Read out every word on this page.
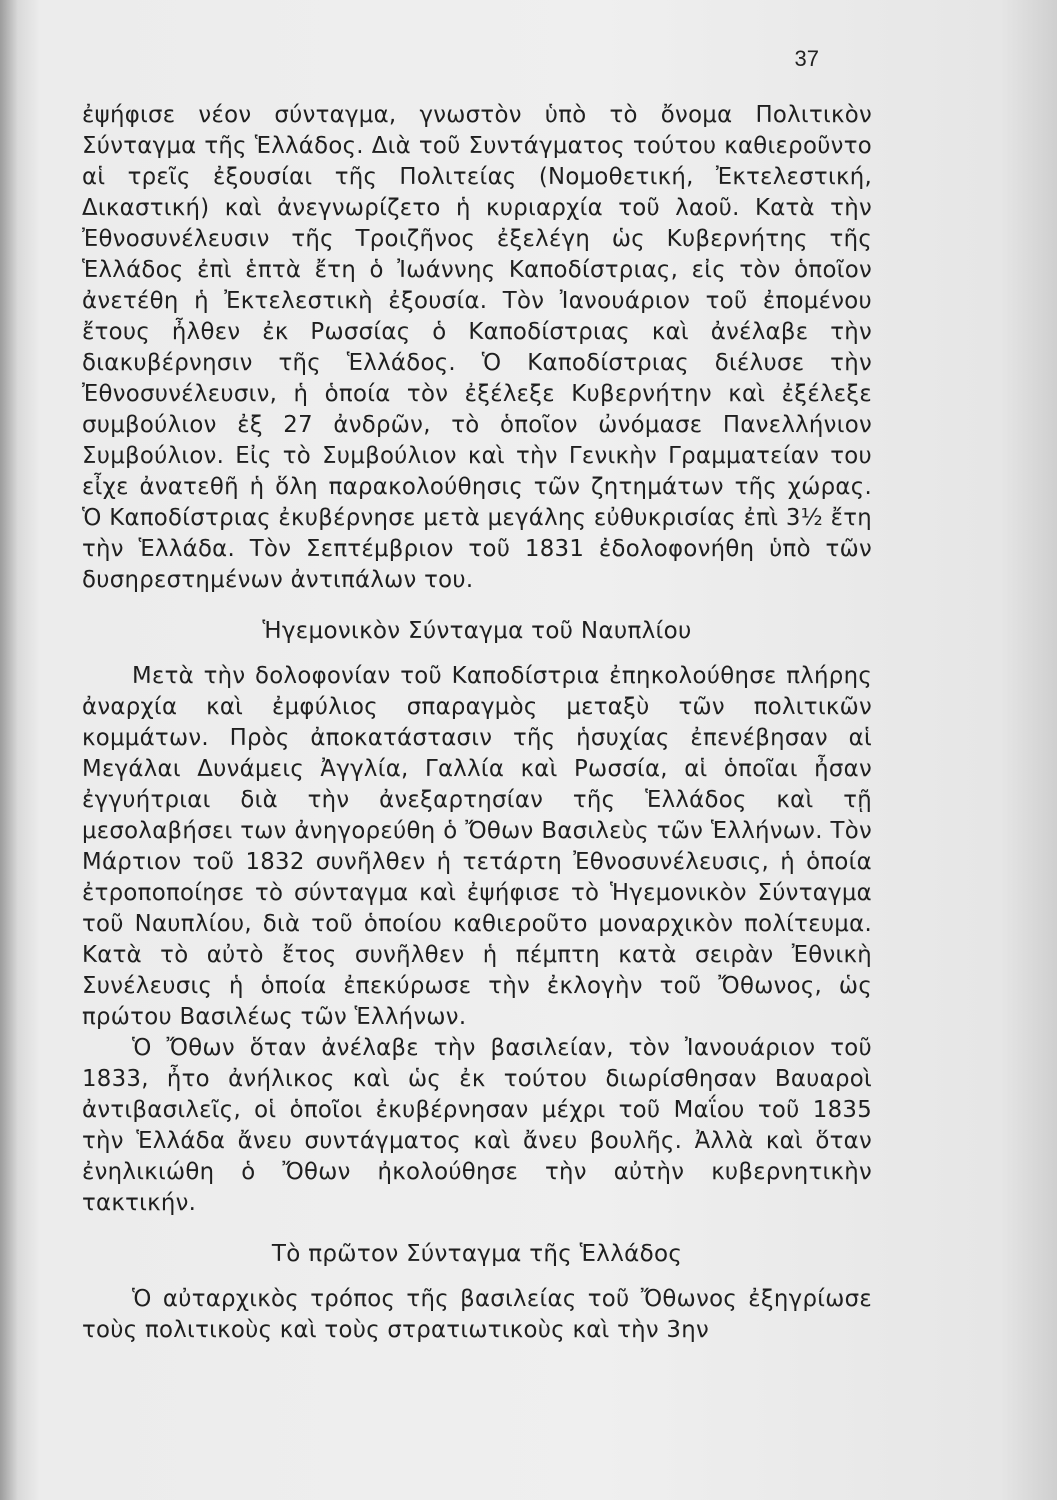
37

ἐψήφισε νέον σύνταγμα, γνωστὸν ὑπὸ τὸ ὄνομα Πολιτικὸν Σύνταγμα τῆς Ἑλλάδος. Διὰ τοῦ Συντάγματος τούτου καθιεροῦντο αἱ τρεῖς ἐξουσίαι τῆς Πολιτείας (Νομοθετική, Ἐκτελεστική, Δικαστική) καὶ ἀνεγνωρίζετο ἡ κυριαρχία τοῦ λαοῦ. Κατὰ τὴν Ἐθνοσυνέλευσιν τῆς Τροιζῆνος ἐξελέγη ὡς Κυβερνήτης τῆς Ἑλλάδος ἐπὶ ἑπτὰ ἔτη ὁ Ἰωάννης Καποδίστριας, εἰς τὸν ὁποῖον ἀνετέθη ἡ Ἐκτελεστικὴ ἐξουσία. Τὸν Ἰανουάριον τοῦ ἐπομένου ἔτους ἦλθεν ἐκ Ρωσσίας ὁ Καποδίστριας καὶ ἀνέλαβε τὴν διακυβέρνησιν τῆς Ἑλλάδος. Ὁ Καποδίστριας διέλυσε τὴν Ἐθνοσυνέλευσιν, ἡ ὁποία τὸν ἐξέλεξε Κυβερνήτην καὶ ἐξέλεξε συμβούλιον ἐξ 27 ἀνδρῶν, τὸ ὁποῖον ὠνόμασε Πανελλήνιον Συμβούλιον. Εἰς τὸ Συμβούλιον καὶ τὴν Γενικὴν Γραμματείαν του εἶχε ἀνατεθῆ ἡ ὅλη παρακολούθησις τῶν ζητημάτων τῆς χώρας. Ὁ Καποδίστριας ἐκυβέρνησε μετὰ μεγάλης εὐθυκρισίας ἐπὶ 3½ ἔτη τὴν Ἑλλάδα. Τὸν Σεπτέμβριον τοῦ 1831 ἐδολοφονήθη ὑπὸ τῶν δυσηρεστημένων ἀντιπάλων του.

Ἡγεμονικὸν Σύνταγμα τοῦ Ναυπλίου

Μετὰ τὴν δολοφονίαν τοῦ Καποδίστρια ἐπηκολούθησε πλήρης ἀναρχία καὶ ἐμφύλιος σπαραγμὸς μεταξὺ τῶν πολιτικῶν κομμάτων. Πρὸς ἀποκατάστασιν τῆς ἡσυχίας ἐπενέβησαν αἱ Μεγάλαι Δυνάμεις Ἀγγλία, Γαλλία καὶ Ρωσσία, αἱ ὁποῖαι ἦσαν ἐγγυήτριαι διὰ τὴν ἀνεξαρτησίαν τῆς Ἑλλάδος καὶ τῇ μεσολαβήσει των ἀνηγορεύθη ὁ Ὄθων Βασιλεὺς τῶν Ἑλλήνων. Τὸν Μάρτιον τοῦ 1832 συνῆλθεν ἡ τετάρτη Ἐθνοσυνέλευσις, ἡ ὁποία ἐτροποποίησε τὸ σύνταγμα καὶ ἐψήφισε τὸ Ἡγεμονικὸν Σύνταγμα τοῦ Ναυπλίου, διὰ τοῦ ὁποίου καθιεροῦτο μοναρχικὸν πολίτευμα. Κατὰ τὸ αὐτὸ ἔτος συνῆλθεν ἡ πέμπτη κατὰ σειρὰν Ἐθνικὴ Συνέλευσις ἡ ὁποία ἐπεκύρωσε τὴν ἐκλογὴν τοῦ Ὄθωνος, ὡς πρώτου Βασιλέως τῶν Ἑλλήνων.

Ὁ Ὄθων ὅταν ἀνέλαβε τὴν βασιλείαν, τὸν Ἰανουάριον τοῦ 1833, ἦτο ἀνήλικος καὶ ὡς ἐκ τούτου διωρίσθησαν Βαυαροὶ ἀντιβασιλεῖς, οἱ ὁποῖοι ἐκυβέρνησαν μέχρι τοῦ Μαΐου τοῦ 1835 τὴν Ἑλλάδα ἄνευ συντάγματος καὶ ἄνευ βουλῆς. Ἀλλὰ καὶ ὅταν ἐνηλικιώθη ὁ Ὄθων ἠκολούθησε τὴν αὐτὴν κυβερνητικὴν τακτικήν.

Τὸ πρῶτον Σύνταγμα τῆς Ἑλλάδος

Ὁ αὐταρχικὸς τρόπος τῆς βασιλείας τοῦ Ὄθωνος ἐξηγρίωσε τοὺς πολιτικοὺς καὶ τοὺς στρατιωτικοὺς καὶ τὴν 3ην
